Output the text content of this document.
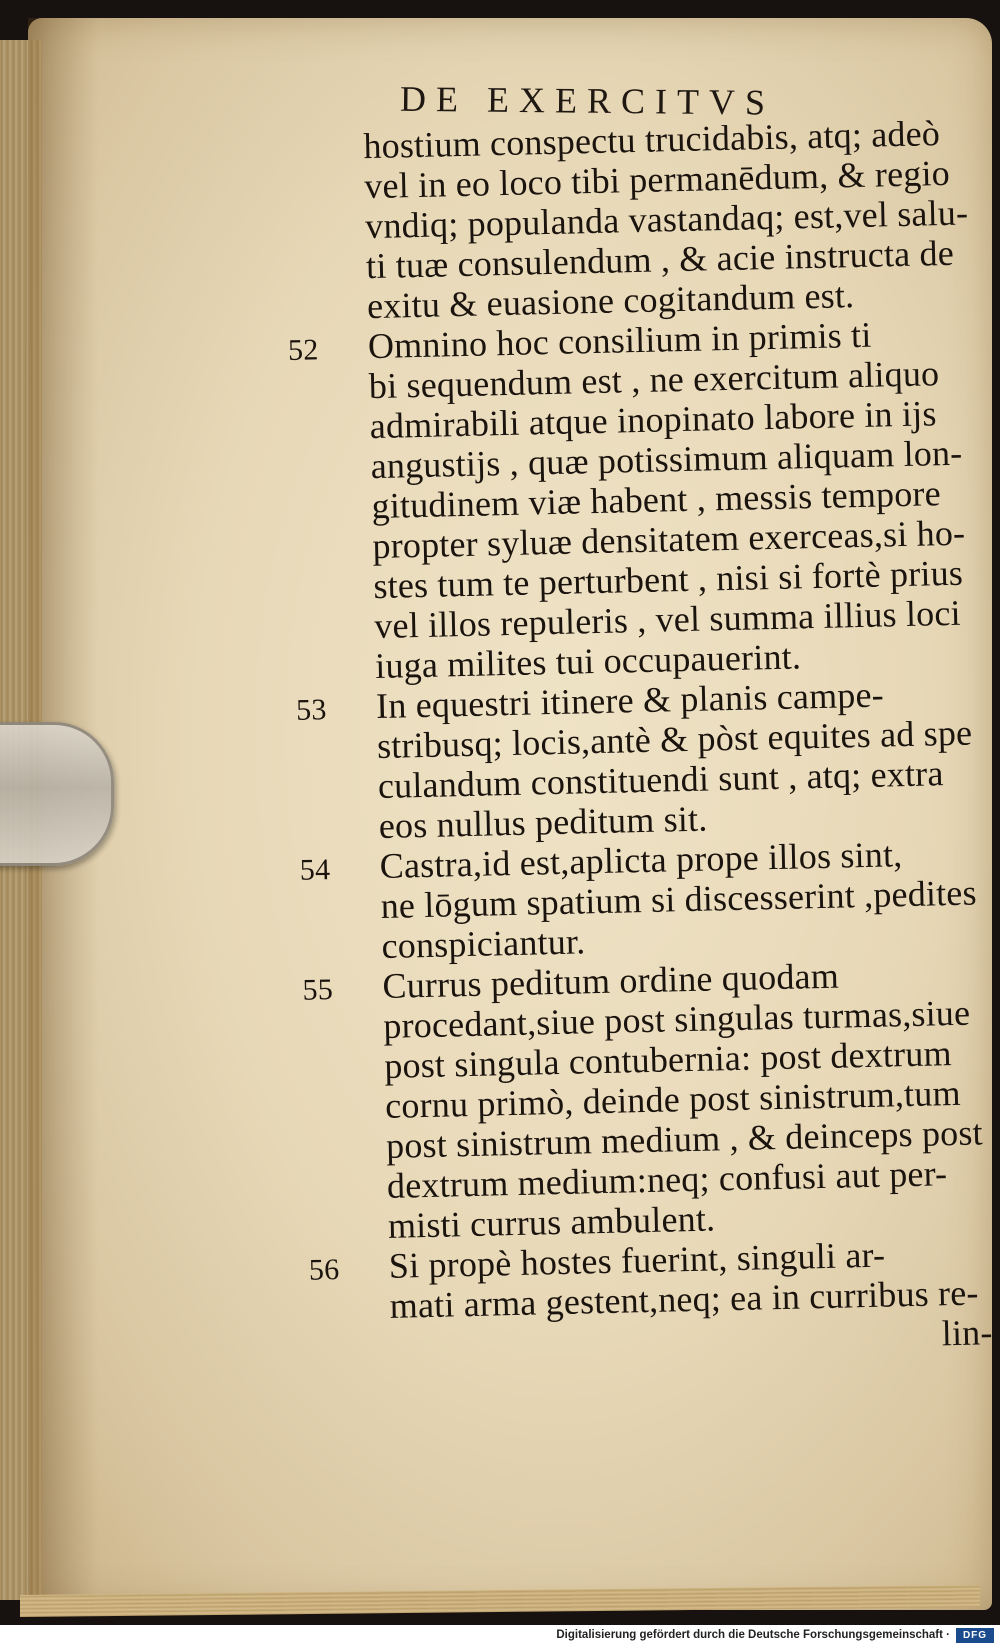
DE EXERCITVS
hostium conspectu trucidabis, atq; adeò
vel in eo loco tibi permanēdum, & regio
vndiq; populanda vastandaq; est,vel salu-
ti tuæ consulendum , & acie instructa de
exitu & euasione cogitandum est.
52 Omnino hoc consilium in primis ti
bi sequendum est , ne exercitum aliquo
admirabili atque inopinato labore in ijs
angustijs , quæ potissimum aliquam lon-
gitudinem viæ habent , messis tempore
propter syluæ densitatem exerceas,si ho-
stes tum te perturbent , nisi si fortè prius
vel illos repuleris , vel summa illius loci
iuga milites tui occupauerint.
53 In equestri itinere & planis campe-
stribusq; locis,antè & pòst equites ad spe
culandum constituendi sunt , atq; extra
eos nullus peditum sit.
54 Castra,id est,aplicta prope illos sint,
ne lōgum spatium si discesserint ,pedites
conspiciantur.
55 Currus peditum ordine quodam
procedant,siue post singulas turmas,siue
post singula contubernia: post dextrum
cornu primò, deinde post sinistrum,tum
post sinistrum medium , & deinceps post
dextrum medium:neq; confusi aut per-
misti currus ambulent.
56 Si propè hostes fuerint, singuli ar-
mati arma gestent,neq; ea in curribus re-
lin-
Digitalisierung gefördert durch die Deutsche Forschungsgemeinschaft ·	DFG
